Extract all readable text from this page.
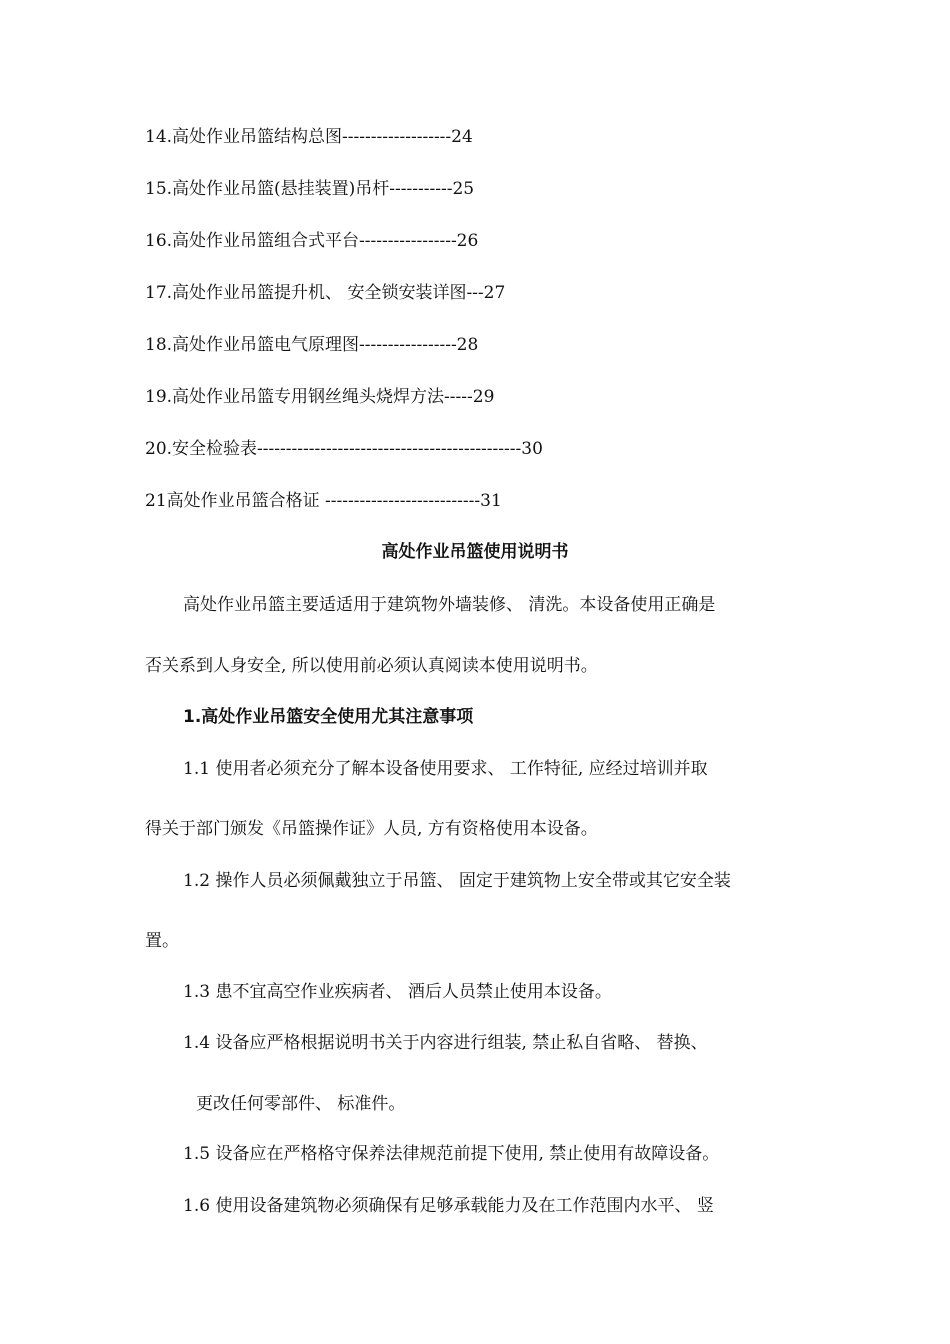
14.高处作业吊篮结构总图-------------------24
15.高处作业吊篮(悬挂装置)吊杆-----------25
16.高处作业吊篮组合式平台-----------------26
17.高处作业吊篮提升机、 安全锁安装详图---27
18.高处作业吊篮电气原理图-----------------28
19.高处作业吊篮专用钢丝绳头烧焊方法-----29
20.安全检验表----------------------------------------------30
21高处作业吊篮合格证 ---------------------------31
高处作业吊篮使用说明书
高处作业吊篮主要适适用于建筑物外墙装修、 清洗。本设备使用正确是
否关系到人身安全, 所以使用前必须认真阅读本使用说明书。
1.高处作业吊篮安全使用尤其注意事项
1.1 使用者必须充分了解本设备使用要求、 工作特征, 应经过培训并取
得关于部门颁发《吊篮操作证》人员, 方有资格使用本设备。
1.2 操作人员必须佩戴独立于吊篮、 固定于建筑物上安全带或其它安全装
置。
1.3 患不宜高空作业疾病者、 酒后人员禁止使用本设备。
1.4 设备应严格根据说明书关于内容进行组装, 禁止私自省略、 替换、
更改任何零部件、 标准件。
1.5 设备应在严格格守保养法律规范前提下使用, 禁止使用有故障设备。
1.6 使用设备建筑物必须确保有足够承载能力及在工作范围内水平、 竖
